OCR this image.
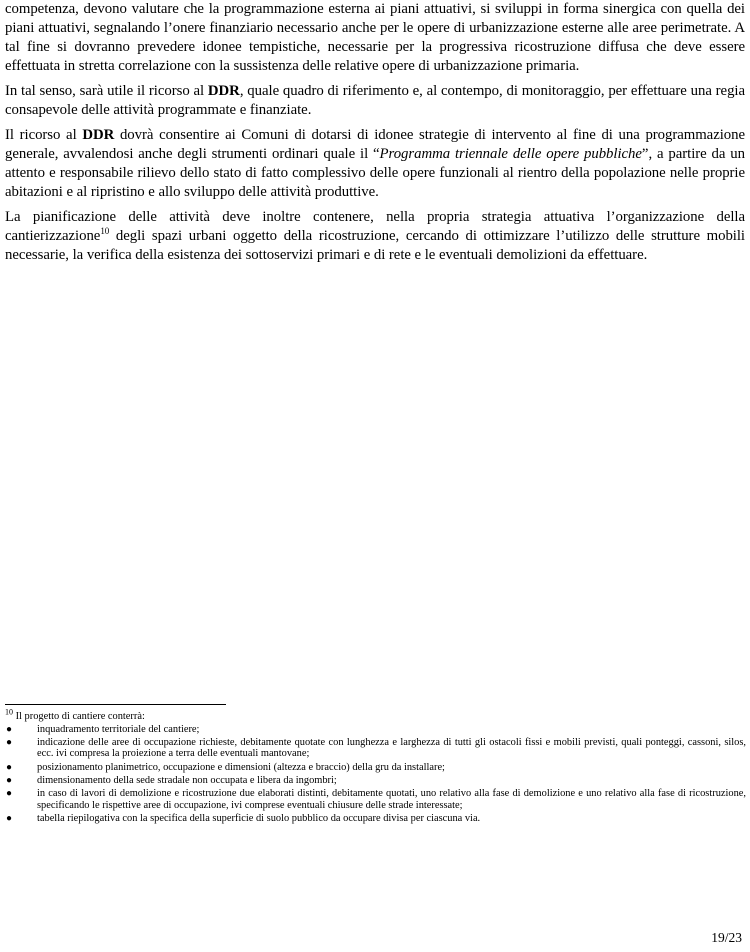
competenza, devono valutare che la programmazione esterna ai piani attuativi, si sviluppi in forma sinergica con quella dei piani attuativi, segnalando l’onere finanziario necessario anche per le opere di urbanizzazione esterne alle aree perimetrate. A tal fine si dovranno prevedere idonee tempistiche, necessarie per la progressiva ricostruzione diffusa che deve essere effettuata in stretta correlazione con la sussistenza delle relative opere di urbanizzazione primaria.

In tal senso, sarà utile il ricorso al DDR, quale quadro di riferimento e, al contempo, di monitoraggio, per effettuare una regia consapevole delle attività programmate e finanziate.

Il ricorso al DDR dovrà consentire ai Comuni di dotarsi di idonee strategie di intervento al fine di una programmazione generale, avvalendosi anche degli strumenti ordinari quale il “Programma triennale delle opere pubbliche”, a partire da un attento e responsabile rilievo dello stato di fatto complessivo delle opere funzionali al rientro della popolazione nelle proprie abitazioni e al ripristino e allo sviluppo delle attività produttive.

La pianificazione delle attività deve inoltre contenere, nella propria strategia attuativa l’organizzazione della cantierizzazione$^{10}$ degli spazi urbani oggetto della ricostruzione, cercando di ottimizzare l’utilizzo delle strutture mobili necessarie, la verifica della esistenza dei sottoservizi primari e di rete e le eventuali demolizioni da effettuare.

$^{10}$ Il progetto di cantiere conterrà:
● inquadramento territoriale del cantiere;
● indicazione delle aree di occupazione richieste, debitamente quotate con lunghezza e larghezza di tutti gli ostacoli fissi e mobili previsti, quali ponteggi, cassoni, silos, ecc. ivi compresa la proiezione a terra delle eventuali mantovane;
● posizionamento planimetrico, occupazione e dimensioni (altezza e braccio) della gru da installare;
● dimensionamento della sede stradale non occupata e libera da ingombri;
● in caso di lavori di demolizione e ricostruzione due elaborati distinti, debitamente quotati, uno relativo alla fase di demolizione e uno relativo alla fase di ricostruzione, specificando le rispettive aree di occupazione, ivi comprese eventuali chiusure delle strade interessate;
● tabella riepilogativa con la specifica della superficie di suolo pubblico da occupare divisa per ciascuna via.
19/23
